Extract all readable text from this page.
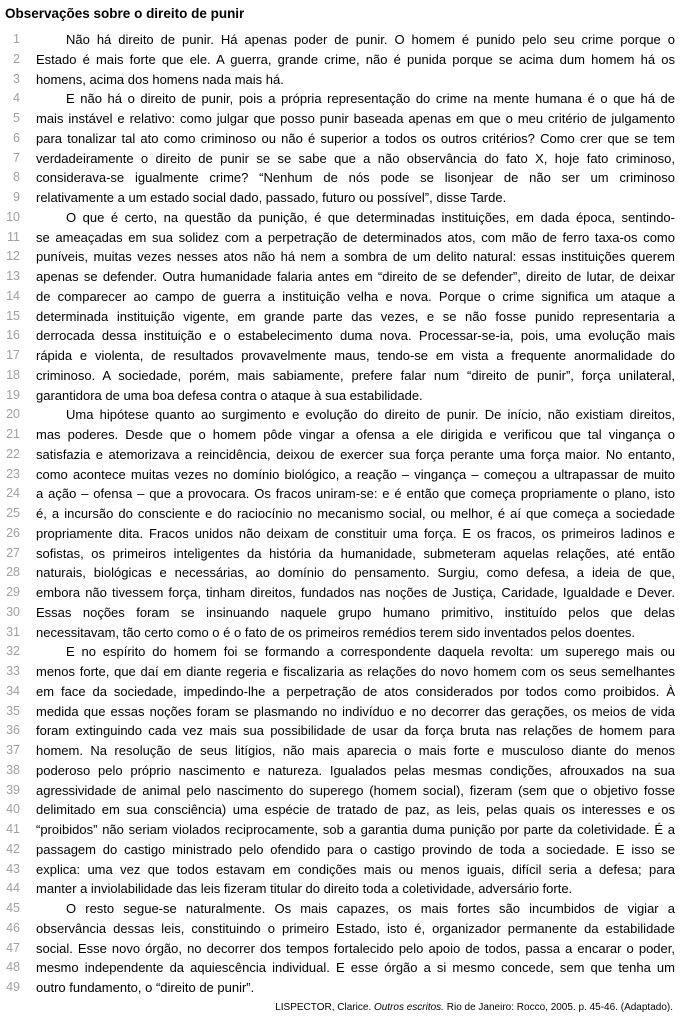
Observações sobre o direito de punir
1	Não há direito de punir. Há apenas poder de punir. O homem é punido pelo seu crime porque o
2 Estado é mais forte que ele. A guerra, grande crime, não é punida porque se acima dum homem há os
3 homens, acima dos homens nada mais há.
4	E não há o direito de punir, pois a própria representação do crime na mente humana é o que há de
5 mais instável e relativo: como julgar que posso punir baseada apenas em que o meu critério de julgamento
6 para tonalizar tal ato como criminoso ou não é superior a todos os outros critérios? Como crer que se tem
7 verdadeiramente o direito de punir se se sabe que a não observância do fato X, hoje fato criminoso,
8 considerava-se igualmente crime? “Nenhum de nós pode se lisonjear de não ser um criminoso
9 relativamente a um estado social dado, passado, futuro ou possível”, disse Tarde.
10	O que é certo, na questão da punição, é que determinadas instituições, em dada época, sentindo-
11 se ameaçadas em sua solidez com a perpetração de determinados atos, com mão de ferro taxa-os como
12 puníveis, muitas vezes nesses atos não há nem a sombra de um delito natural: essas instituições querem
13 apenas se defender. Outra humanidade falaria antes em “direito de se defender”, direito de lutar, de deixar
14 de comparecer ao campo de guerra a instituição velha e nova. Porque o crime significa um ataque a
15 determinada instituição vigente, em grande parte das vezes, e se não fosse punido representaria a
16 derrocada dessa instituição e o estabelecimento duma nova. Processar-se-ia, pois, uma evolução mais
17 rápida e violenta, de resultados provavelmente maus, tendo-se em vista a frequente anormalidade do
18 criminoso. A sociedade, porém, mais sabiamente, prefere falar num “direito de punir”, força unilateral,
19 garantidora de uma boa defesa contra o ataque à sua estabilidade.
20	Uma hipótese quanto ao surgimento e evolução do direito de punir. De início, não existiam direitos,
21 mas poderes. Desde que o homem pôde vingar a ofensa a ele dirigida e verificou que tal vingança o
22 satisfazia e atemorizava a reincidência, deixou de exercer sua força perante uma força maior. No entanto,
23 como acontece muitas vezes no domínio biológico, a reação – vingança – começou a ultrapassar de muito
24 a ação – ofensa – que a provocara. Os fracos uniram-se: e é então que começa propriamente o plano, isto
25 é, a incursão do consciente e do raciocínio no mecanismo social, ou melhor, é aí que começa a sociedade
26 propriamente dita. Fracos unidos não deixam de constituir uma força. E os fracos, os primeiros ladinos e
27 sofistas, os primeiros inteligentes da história da humanidade, submeteram aquelas relações, até então
28 naturais, biológicas e necessárias, ao domínio do pensamento. Surgiu, como defesa, a ideia de que,
29 embora não tivessem força, tinham direitos, fundados nas noções de Justiça, Caridade, Igualdade e Dever.
30 Essas noções foram se insinuando naquele grupo humano primitivo, instituído pelos que delas
31 necessitavam, tão certo como o é o fato de os primeiros remédios terem sido inventados pelos doentes.
32	E no espírito do homem foi se formando a correspondente daquela revolta: um superego mais ou
33 menos forte, que daí em diante regeria e fiscalizaria as relações do novo homem com os seus semelhantes
34 em face da sociedade, impedindo-lhe a perpetração de atos considerados por todos como proibidos. À
35 medida que essas noções foram se plasmando no indivíduo e no decorrer das gerações, os meios de vida
36 foram extinguindo cada vez mais sua possibilidade de usar da força bruta nas relações de homem para
37 homem. Na resolução de seus litígios, não mais aparecia o mais forte e musculoso diante do menos
38 poderoso pelo próprio nascimento e natureza. Igualados pelas mesmas condições, afrouxados na sua
39 agressividade de animal pelo nascimento do superego (homem social), fizeram (sem que o objetivo fosse
40 delimitado em sua consciência) uma espécie de tratado de paz, as leis, pelas quais os interesses e os
41 “proibidos” não seriam violados reciprocamente, sob a garantia duma punição por parte da coletividade. É a
42 passagem do castigo ministrado pelo ofendido para o castigo provindo de toda a sociedade. E isso se
43 explica: uma vez que todos estavam em condições mais ou menos iguais, difícil seria a defesa; para
44 manter a inviolabilidade das leis fizeram titular do direito toda a coletividade, adversário forte.
45	O resto segue-se naturalmente. Os mais capazes, os mais fortes são incumbidos de vigiar a
46 observância dessas leis, constituindo o primeiro Estado, isto é, organizador permanente da estabilidade
47 social. Esse novo órgão, no decorrer dos tempos fortalecido pelo apoio de todos, passa a encarar o poder,
48 mesmo independente da aquiescência individual. E esse órgão a si mesmo concede, sem que tenha um
49 outro fundamento, o “direito de punir”.
LISPECTOR, Clarice. Outros escritos. Rio de Janeiro: Rocco, 2005. p. 45-46. (Adaptado).
